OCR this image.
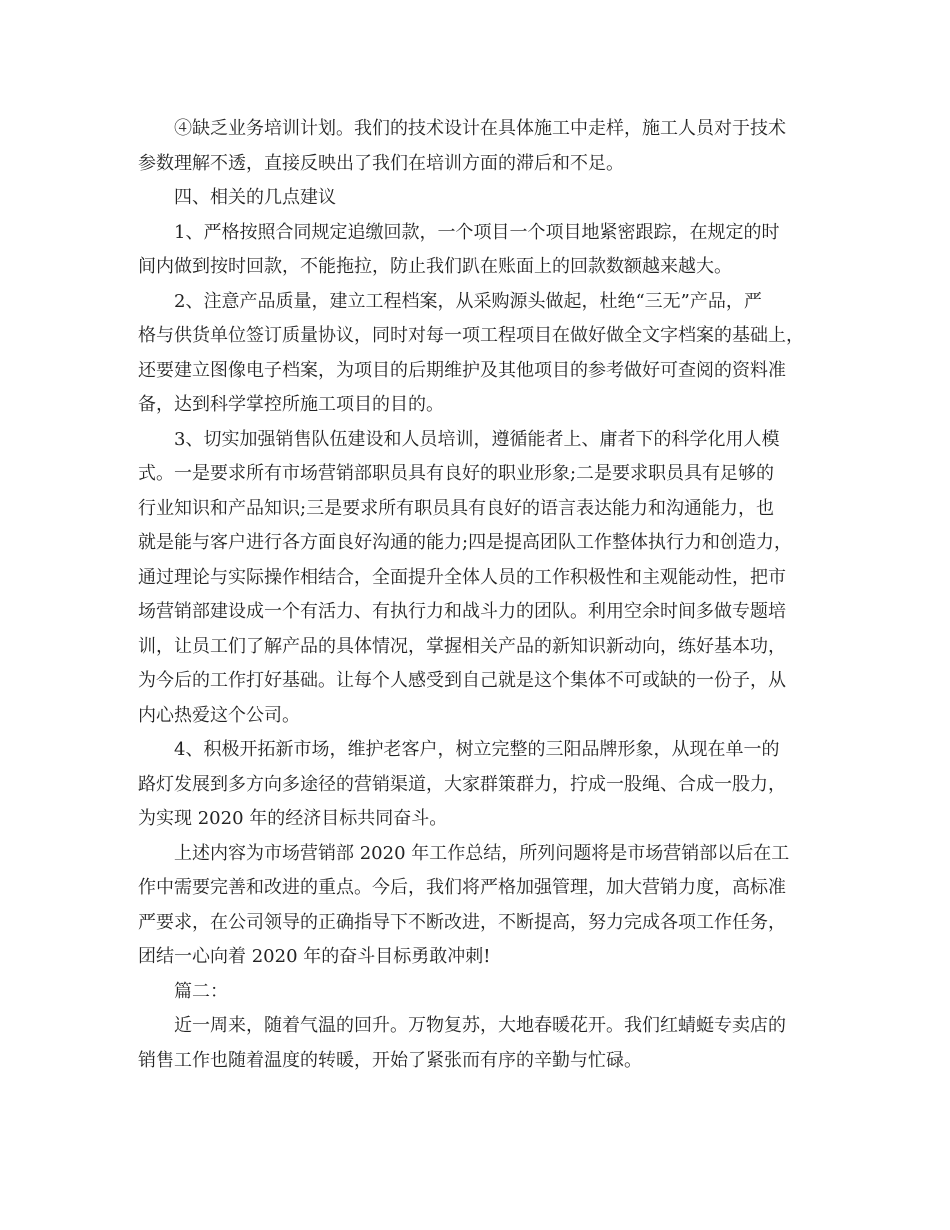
④缺乏业务培训计划。我们的技术设计在具体施工中走样，施工人员对于技术
参数理解不透，直接反映出了我们在培训方面的滞后和不足。
四、相关的几点建议
1、严格按照合同规定追缴回款，一个项目一个项目地紧密跟踪，在规定的时
间内做到按时回款，不能拖拉，防止我们趴在账面上的回款数额越来越大。
2、注意产品质量，建立工程档案，从采购源头做起，杜绝“三无”产品，严
格与供货单位签订质量协议，同时对每一项工程项目在做好做全文字档案的基础上，
还要建立图像电子档案，为项目的后期维护及其他项目的参考做好可查阅的资料准
备，达到科学掌控所施工项目的目的。
3、切实加强销售队伍建设和人员培训，遵循能者上、庸者下的科学化用人模
式。一是要求所有市场营销部职员具有良好的职业形象;二是要求职员具有足够的
行业知识和产品知识;三是要求所有职员具有良好的语言表达能力和沟通能力，也
就是能与客户进行各方面良好沟通的能力;四是提高团队工作整体执行力和创造力，
通过理论与实际操作相结合，全面提升全体人员的工作积极性和主观能动性，把市
场营销部建设成一个有活力、有执行力和战斗力的团队。利用空余时间多做专题培
训，让员工们了解产品的具体情况，掌握相关产品的新知识新动向，练好基本功，
为今后的工作打好基础。让每个人感受到自己就是这个集体不可或缺的一份子，从
内心热爱这个公司。
4、积极开拓新市场，维护老客户，树立完整的三阳品牌形象，从现在单一的
路灯发展到多方向多途径的营销渠道，大家群策群力，拧成一股绳、合成一股力，
为实现 2020 年的经济目标共同奋斗。
上述内容为市场营销部 2020 年工作总结，所列问题将是市场营销部以后在工
作中需要完善和改进的重点。今后，我们将严格加强管理，加大营销力度，高标准
严要求，在公司领导的正确指导下不断改进，不断提高，努力完成各项工作任务，
团结一心向着 2020 年的奋斗目标勇敢冲刺!
篇二：
近一周来，随着气温的回升。万物复苏，大地春暖花开。我们红蜻蜓专卖店的
销售工作也随着温度的转暖，开始了紧张而有序的辛勤与忙碌。
